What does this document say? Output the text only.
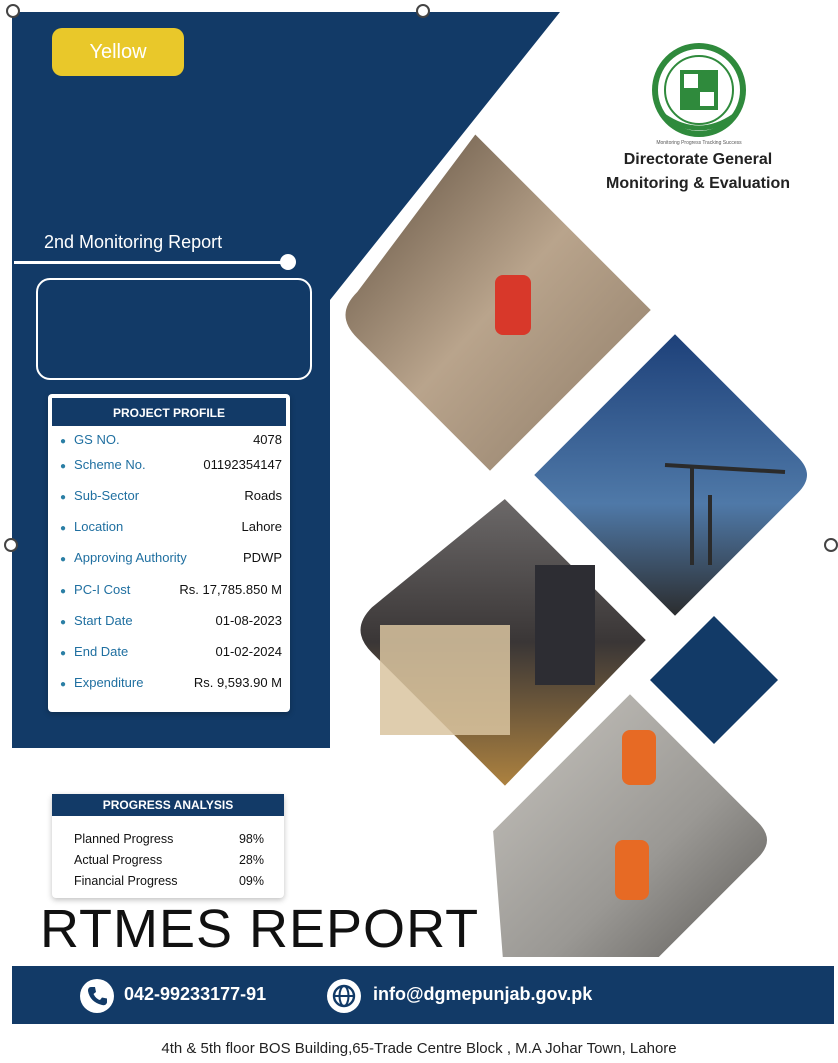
Yellow
2nd Monitoring Report
PROJECT PROFILE
● GS NO.	4078
● Scheme No.	01192354147
● Sub-Sector	Roads
● Location	Lahore
● Approving Authority	PDWP
● PC-I Cost	Rs. 17,785.850 M
● Start Date	01-08-2023
● End Date	01-02-2024
● Expenditure	Rs. 9,593.90 M
PROGRESS ANALYSIS
Planned Progress	98%
Actual Progress	28%
Financial Progress	09%
RTMES REPORT
Monitoring Progress Tracking Success
Directorate General
Monitoring & Evaluation
042-99233177-91	info@dgmepunjab.gov.pk
4th & 5th floor BOS Building,65-Trade Centre Block , M.A Johar Town, Lahore
